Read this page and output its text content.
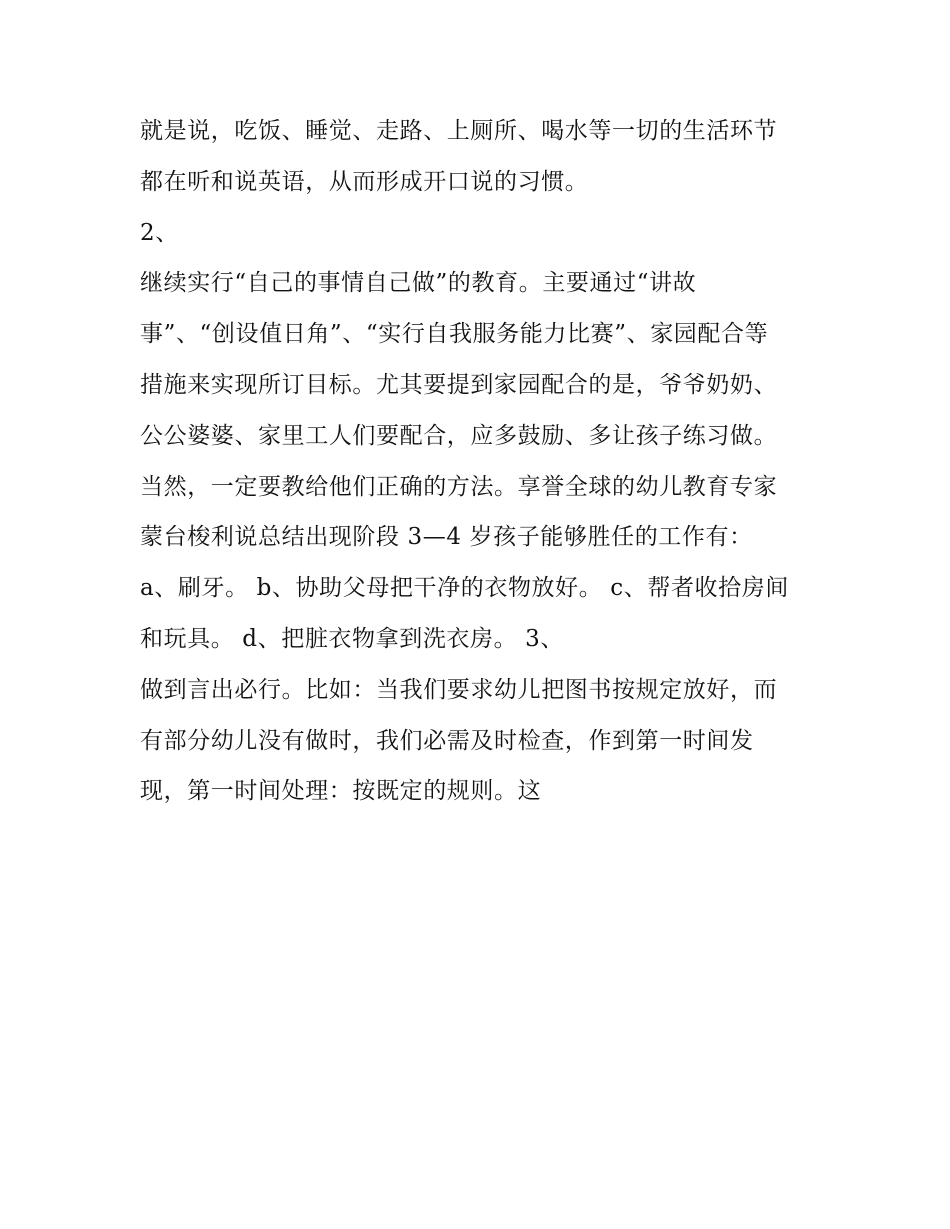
就是说，吃饭、睡觉、走路、上厕所、喝水等一切的生活环节
都在听和说英语，从而形成开口说的习惯。
2、
继续实行“自己的事情自己做”的教育。主要通过“讲故
事”、“创设值日角”、“实行自我服务能力比赛”、家园配合等
措施来实现所订目标。尤其要提到家园配合的是，爷爷奶奶、
公公婆婆、家里工人们要配合，应多鼓励、多让孩子练习做。
当然，一定要教给他们正确的方法。享誉全球的幼儿教育专家
蒙台梭利说总结出现阶段 3—4 岁孩子能够胜任的工作有：
a、刷牙。 b、协助父母把干净的衣物放好。 c、帮者收拾房间
和玩具。 d、把脏衣物拿到洗衣房。 3、
做到言出必行。比如：当我们要求幼儿把图书按规定放好，而
有部分幼儿没有做时，我们必需及时检查，作到第一时间发
现，第一时间处理：按既定的规则。这
